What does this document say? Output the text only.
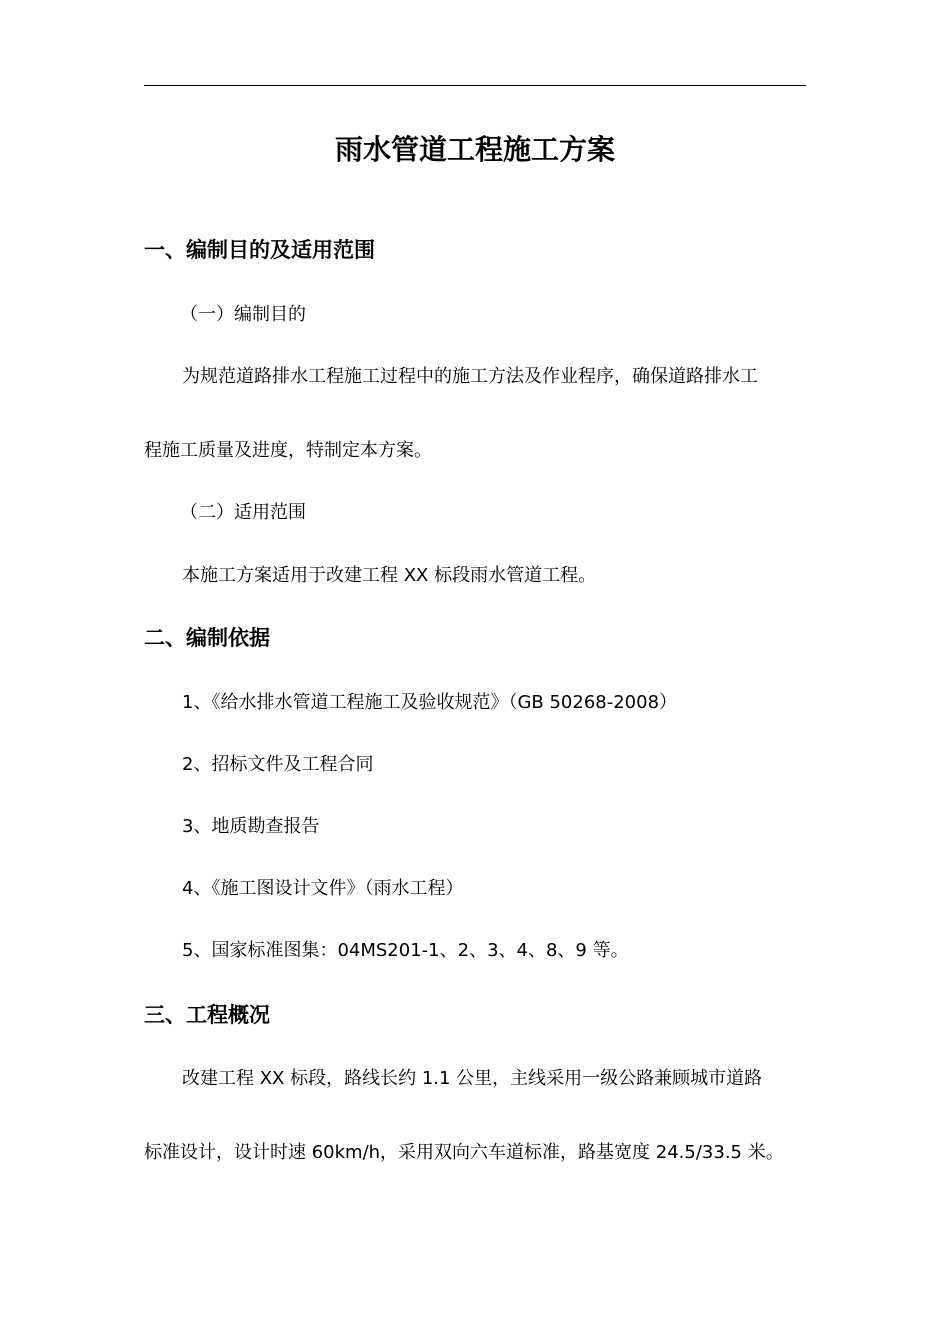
雨水管道工程施工方案
一、编制目的及适用范围
（一）编制目的
为规范道路排水工程施工过程中的施工方法及作业程序，确保道路排水工
程施工质量及进度，特制定本方案。
（二）适用范围
本施工方案适用于改建工程 XX 标段雨水管道工程。
二、编制依据
1、《给水排水管道工程施工及验收规范》（GB 50268-2008）
2、招标文件及工程合同
3、地质勘查报告
4、《施工图设计文件》（雨水工程）
5、国家标准图集：04MS201-1、2、3、4、8、9 等。
三、工程概况
改建工程 XX 标段，路线长约 1.1 公里，主线采用一级公路兼顾城市道路
标准设计，设计时速 60km/h，采用双向六车道标准，路基宽度 24.5/33.5 米。
